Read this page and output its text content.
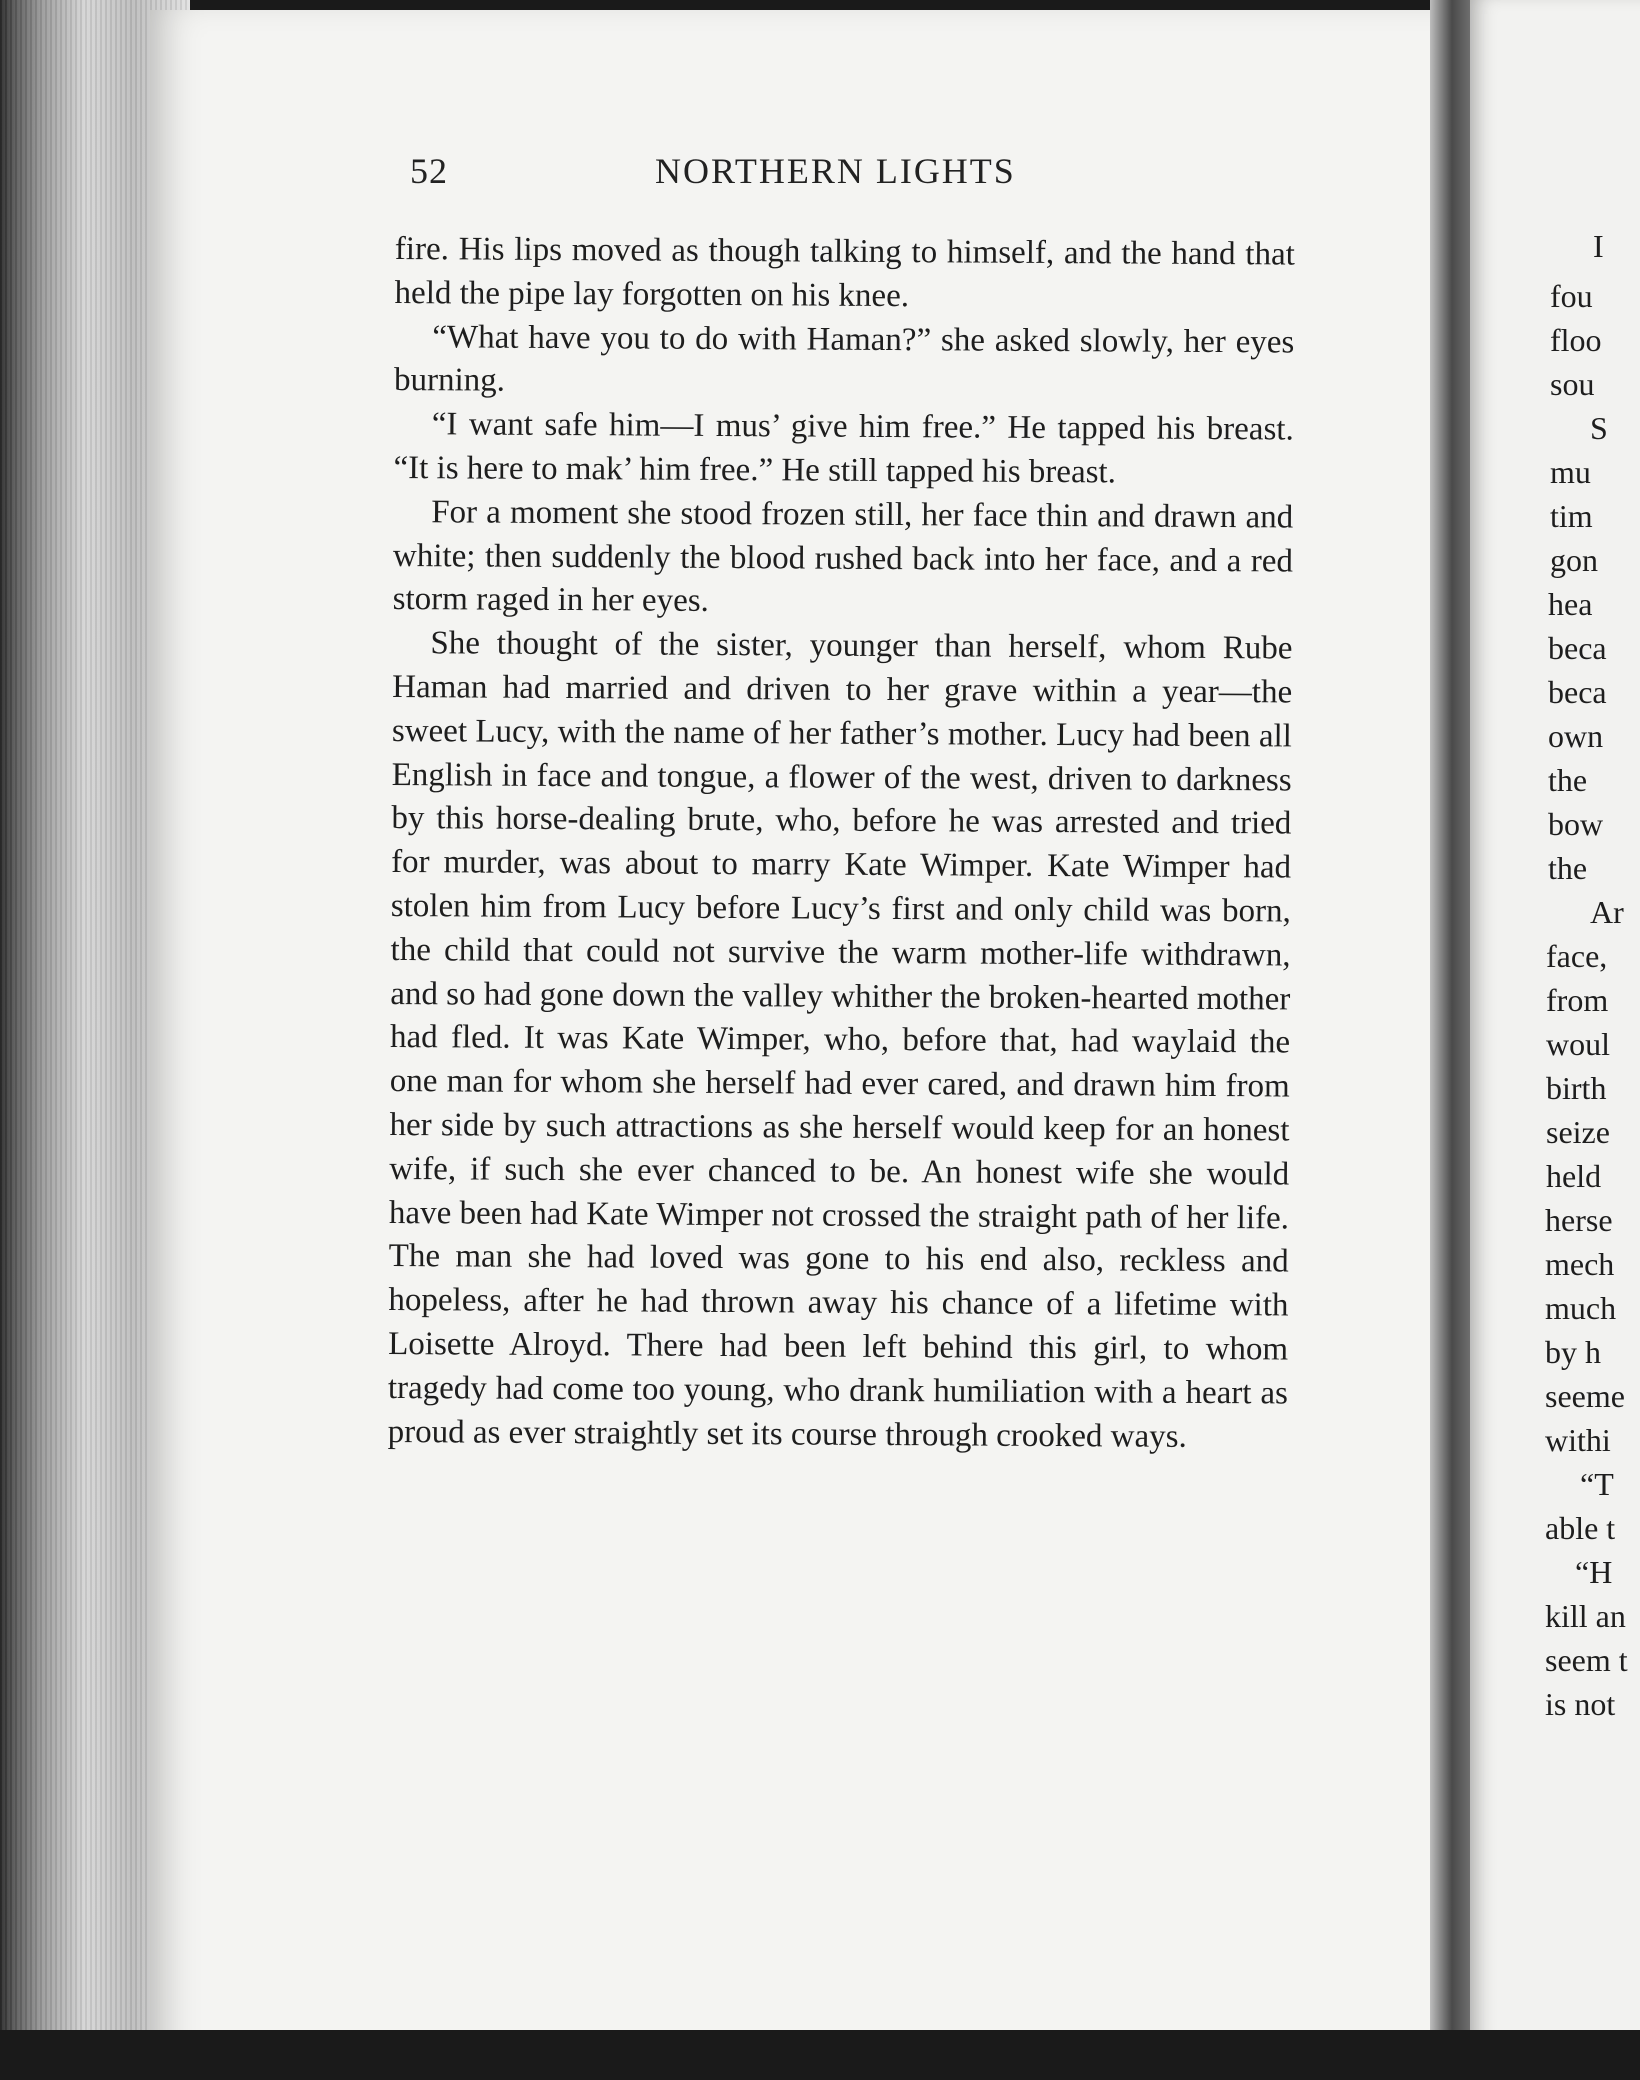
52	NORTHERN LIGHTS

fire. His lips moved as though talking to himself, and the hand that held the pipe lay forgotten on his knee.

“What have you to do with Haman?” she asked slowly, her eyes burning.

“I want safe him—I mus’ give him free.” He tapped his breast. “It is here to mak’ him free.” He still tapped his breast.

For a moment she stood frozen still, her face thin and drawn and white; then suddenly the blood rushed back into her face, and a red storm raged in her eyes.

She thought of the sister, younger than herself, whom Rube Haman had married and driven to her grave within a year—the sweet Lucy, with the name of her father’s mother. Lucy had been all English in face and tongue, a flower of the west, driven to darkness by this horse-dealing brute, who, before he was arrested and tried for murder, was about to marry Kate Wimper. Kate Wimper had stolen him from Lucy before Lucy’s first and only child was born, the child that could not survive the warm mother-life withdrawn, and so had gone down the valley whither the broken-hearted mother had fled. It was Kate Wimper, who, before that, had waylaid the one man for whom she herself had ever cared, and drawn him from her side by such attractions as she herself would keep for an honest wife, if such she ever chanced to be. An honest wife she would have been had Kate Wimper not crossed the straight path of her life. The man she had loved was gone to his end also, reckless and hopeless, after he had thrown away his chance of a lifetime with Loisette Alroyd. There had been left behind this girl, to whom tragedy had come too young, who drank humiliation with a heart as proud as ever straightly set its course through crooked ways.

I
fou
floo
sou
S
mu
tim
gon
hea
beca
beca
own
the
bow
the
Ar
face,
from
woul
birth
seize
held
herse
mech
much
by h
seeme
withi
“T
able t
“H
kill an
seem t
is not
